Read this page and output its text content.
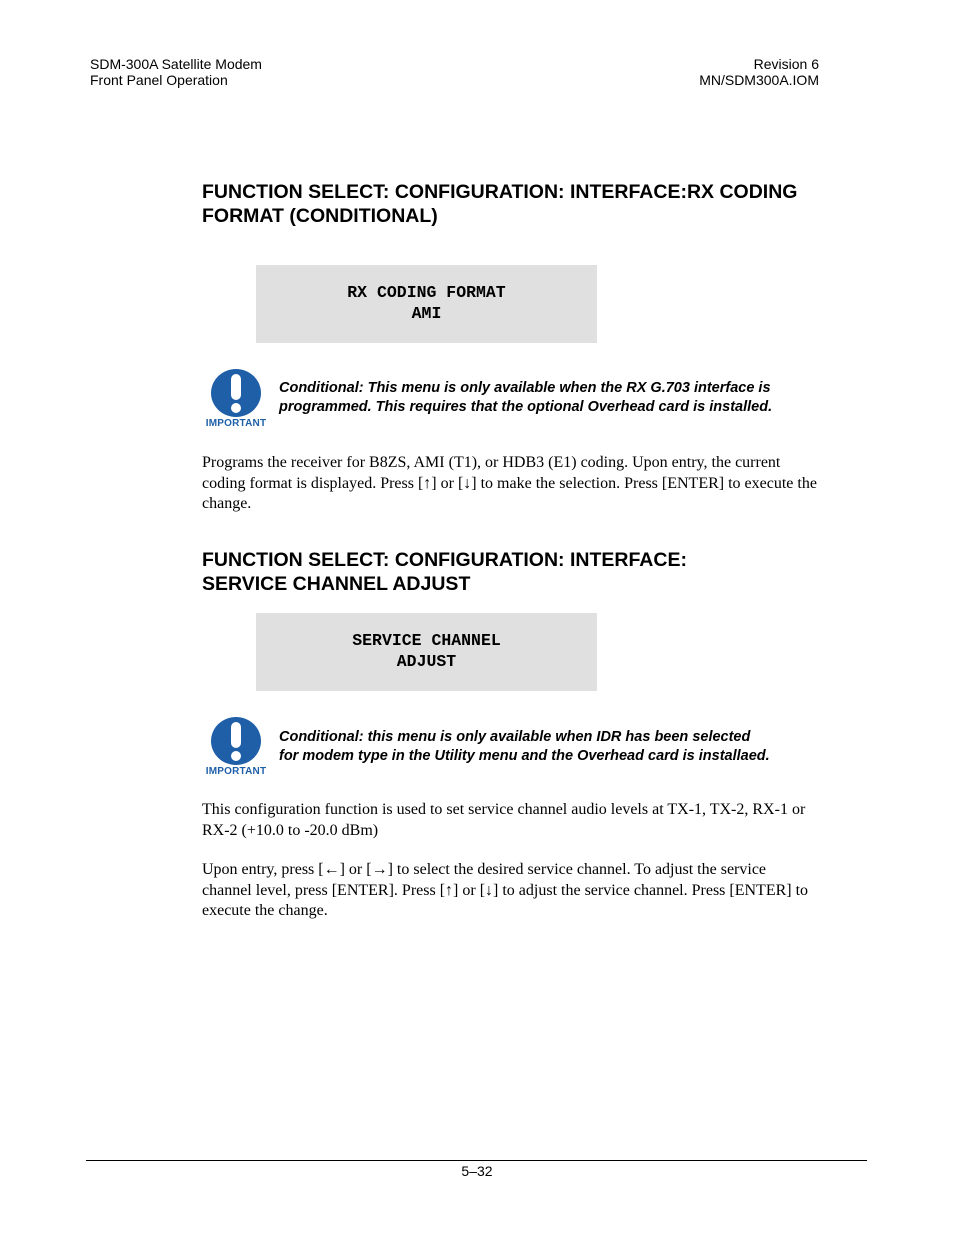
SDM-300A Satellite Modem
Front Panel Operation
Revision 6
MN/SDM300A.IOM
FUNCTION SELECT: CONFIGURATION: INTERFACE:RX CODING
FORMAT (CONDITIONAL)
RX CODING FORMAT
AMI
IMPORTANT
Conditional: This menu is only available when the RX G.703 interface is
programmed. This requires that the optional Overhead card is installed.
Programs the receiver for B8ZS, AMI (T1), or HDB3 (E1) coding. Upon entry, the current
coding format is displayed. Press [↑] or [↓] to make the selection. Press [ENTER] to execute the
change.
FUNCTION SELECT: CONFIGURATION: INTERFACE:
SERVICE CHANNEL ADJUST
SERVICE CHANNEL
ADJUST
IMPORTANT
Conditional: this menu is only available when IDR has been selected
for modem type in the Utility menu and the Overhead card is installaed.
This configuration function is used to set service channel audio levels at TX-1, TX-2, RX-1 or
RX-2 (+10.0 to -20.0 dBm)
Upon entry, press [←] or [→] to select the desired service channel. To adjust the service
channel level, press [ENTER]. Press [↑] or [↓] to adjust the service channel. Press [ENTER] to
execute the change.
5–32
